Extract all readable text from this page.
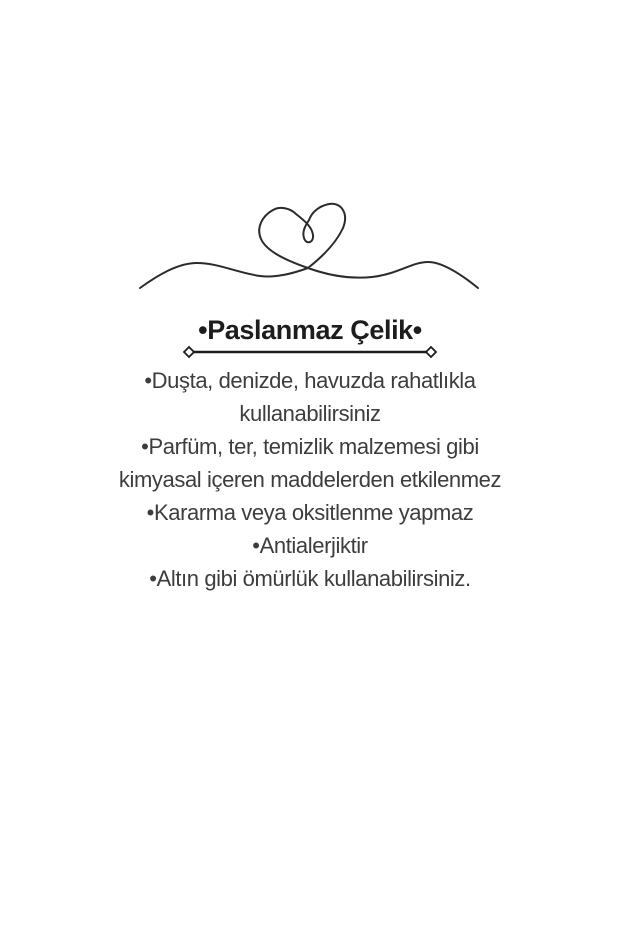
•Paslanmaz Çelik•
•Duşta, denizde, havuzda rahatlıkla
kullanabilirsiniz
•Parfüm, ter, temizlik malzemesi gibi
kimyasal içeren maddelerden etkilenmez
•Kararma veya oksitlenme yapmaz
•Antialerjiktir
•Altın gibi ömürlük kullanabilirsiniz.
